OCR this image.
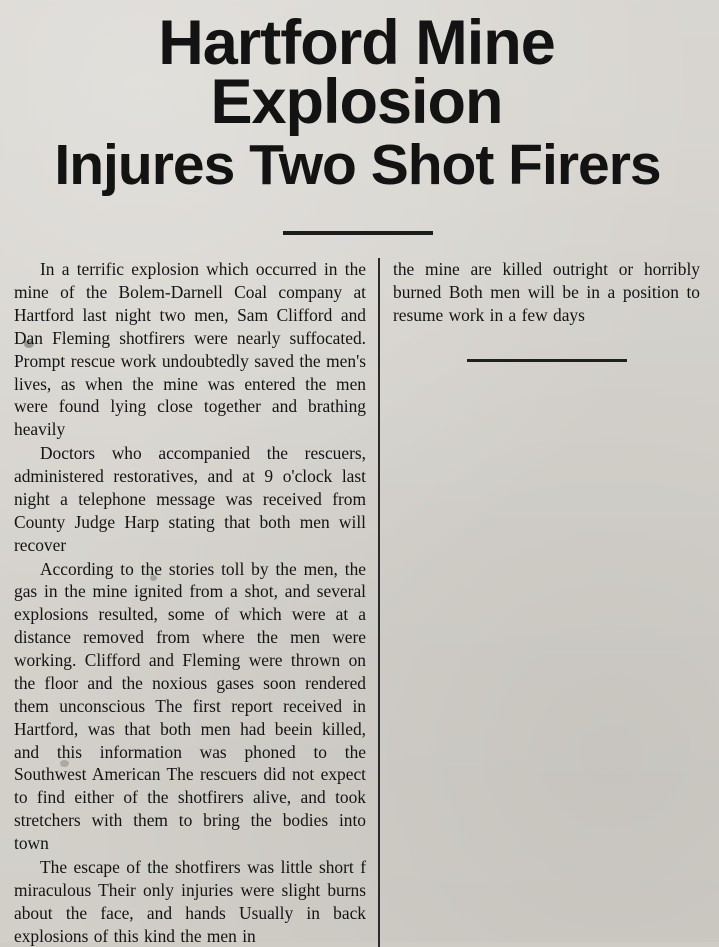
Hartford Mine Explosion
Injures Two Shot Firers

In a terrific explosion which occurred in the mine of the Bolem-Darnell Coal company at Hartford last night two men, Sam Clifford and Dan Fleming shotfirers were nearly suffocated. Prompt rescue work undoubtedly saved the men's lives, as when the mine was entered the men were found lying close together and brathing heavily

Doctors who accompanied the rescuers, administered restoratives, and at 9 o'clock last night a telephone message was received from County Judge Harp stating that both men will recover

According to the stories toll by the men, the gas in the mine ignited from a shot, and several explosions resulted, some of which were at a distance removed from where the men were working. Clifford and Fleming were thrown on the floor and the noxious gases soon rendered them unconscious The first report received in Hartford, was that both men had beein killed, and this information was phoned to the Southwest American The rescuers did not expect to find either of the shotfirers alive, and took stretchers with them to bring the bodies into town

The escape of the shotfirers was little short f miraculous Their only injuries were slight burns about the face, and hands Usually in back explosions of this kind the men in

the mine are killed outright or horribly burned Both men will be in a position to resume work in a few days
